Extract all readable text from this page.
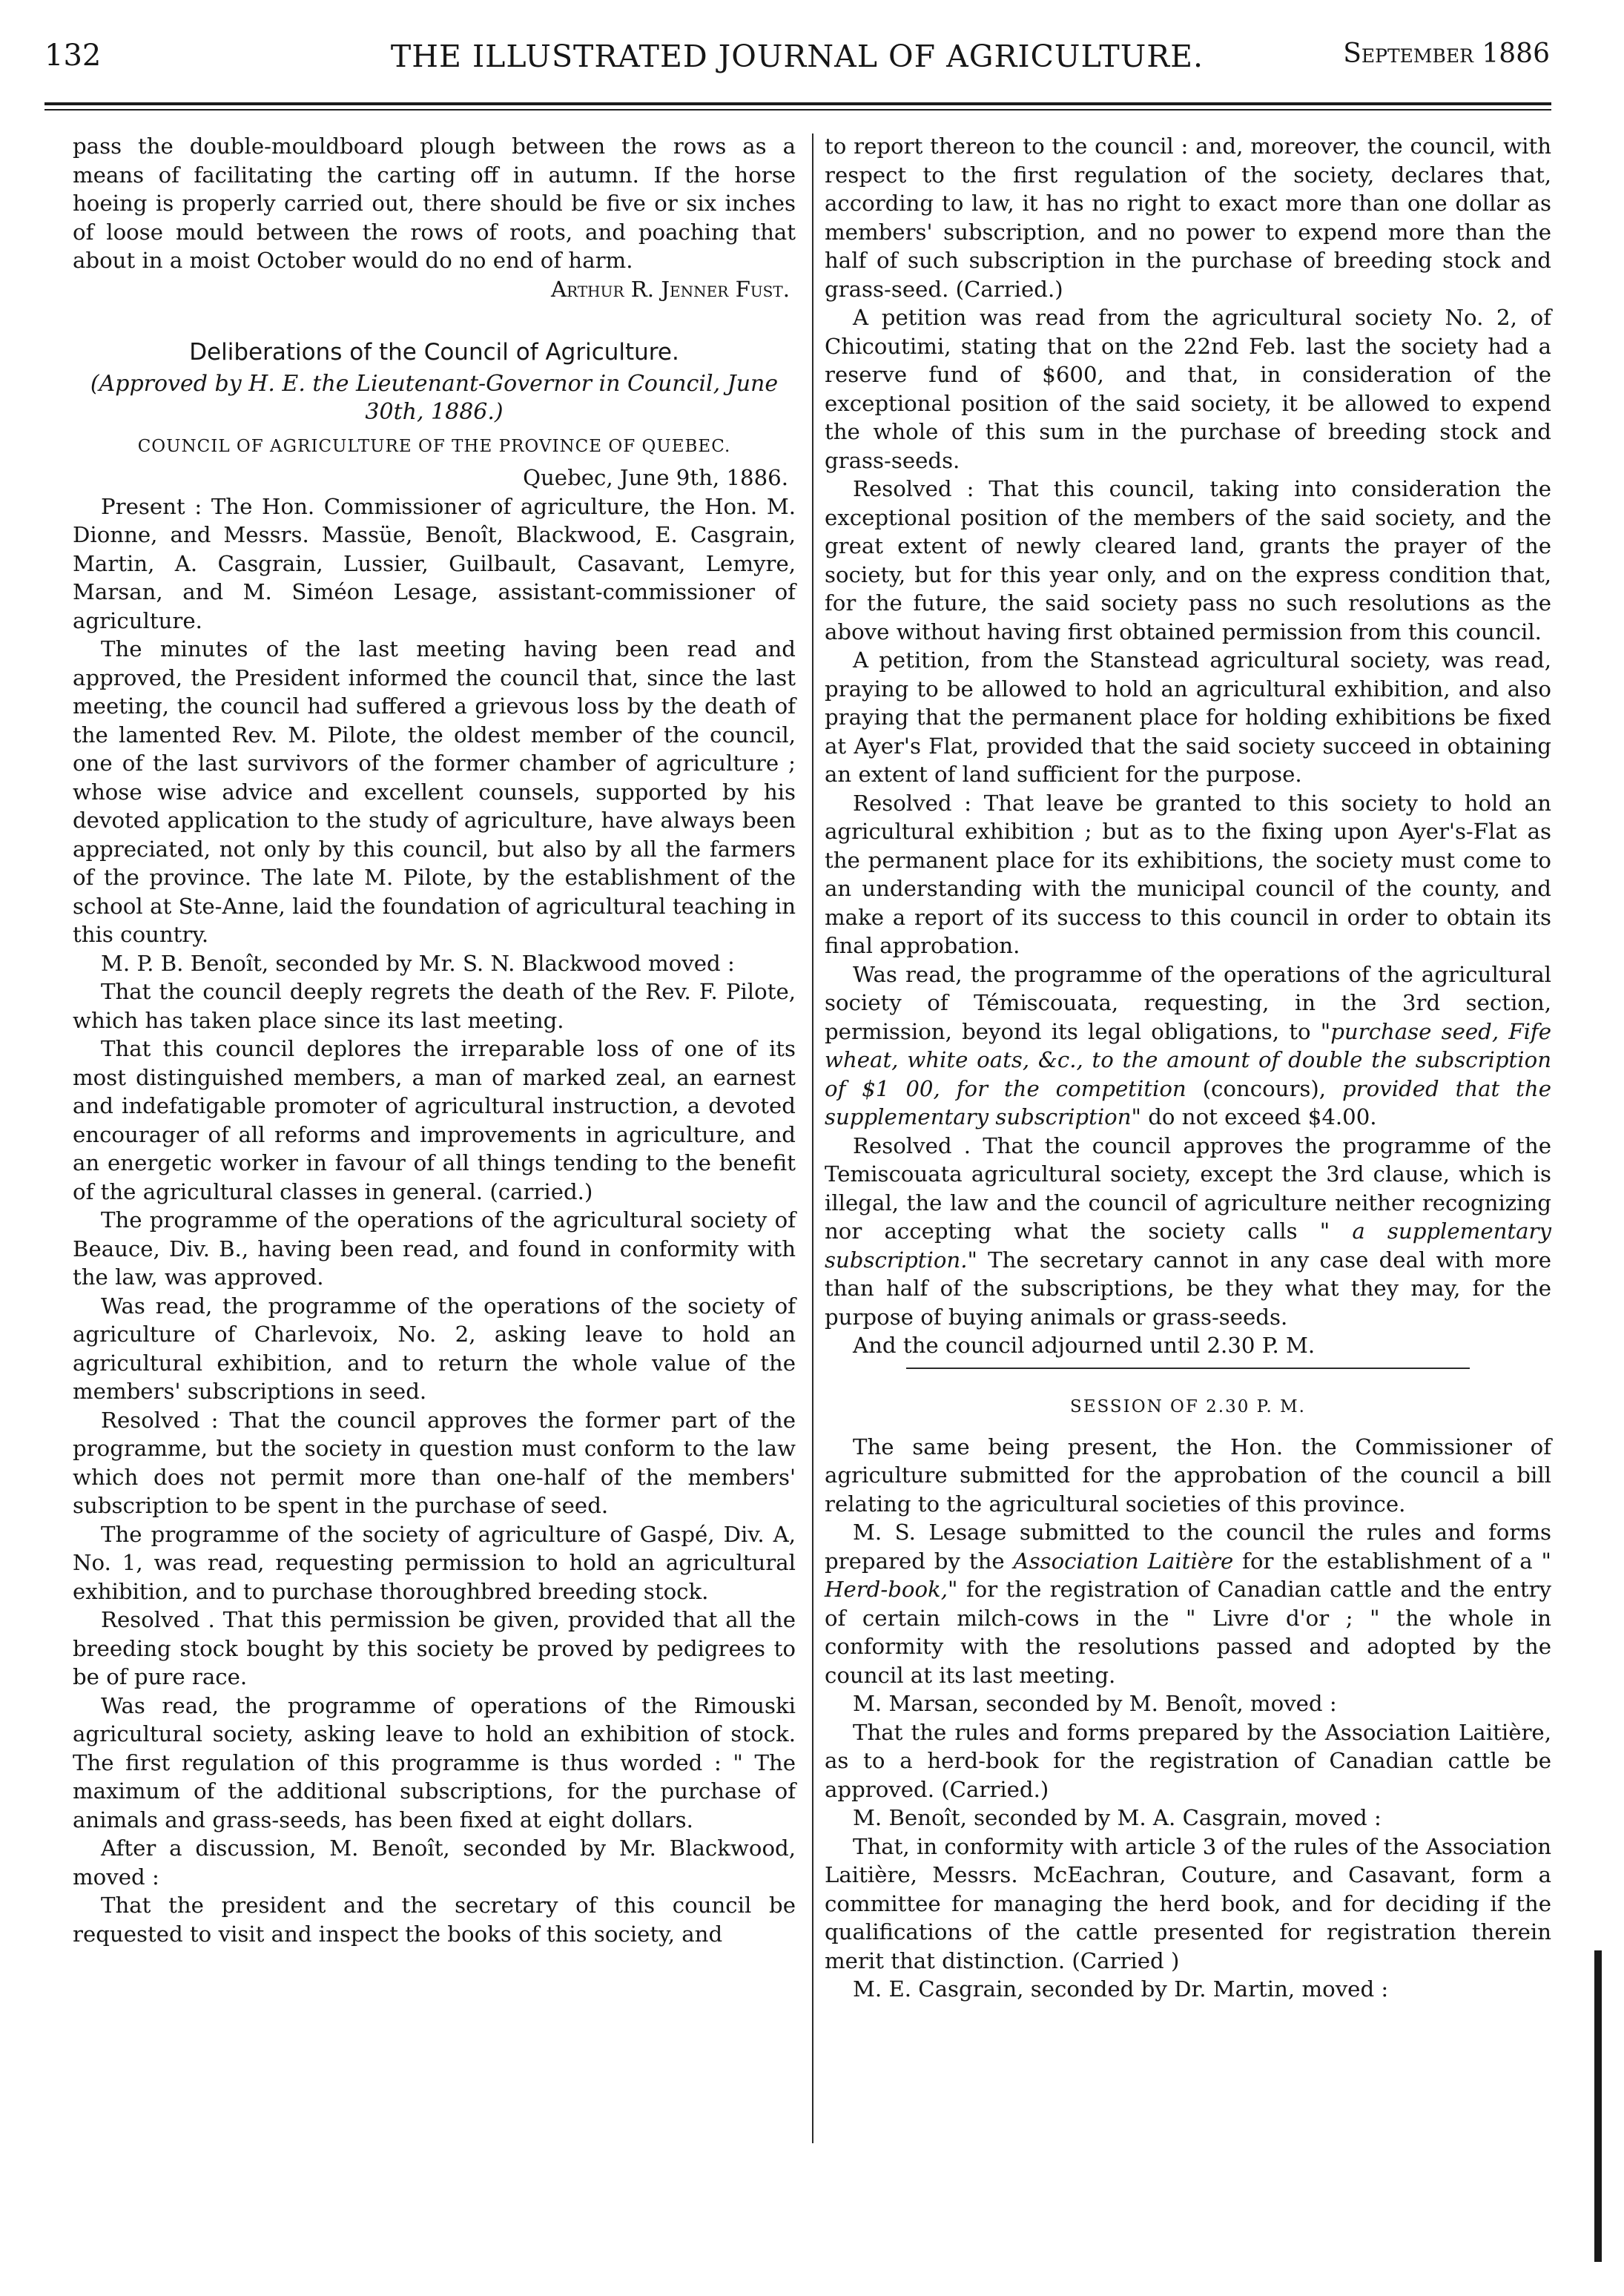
132	THE ILLUSTRATED JOURNAL OF AGRICULTURE.	September 1886

pass the double-mouldboard plough between the rows as a means of facilitating the carting off in autumn. If the horse hoeing is properly carried out, there should be five or six inches of loose mould between the rows of roots, and poaching that about in a moist October would do no end of harm.

Arthur R. Jenner Fust.

Deliberations of the Council of Agriculture.
(Approved by H. E. the Lieutenant-Governor in Council, June 30th, 1886.)
COUNCIL OF AGRICULTURE OF THE PROVINCE OF QUEBEC.

Quebec, June 9th, 1886.

Present : The Hon. Commissioner of agriculture, the Hon. M. Dionne, and Messrs. Massüe, Benoît, Blackwood, E. Casgrain, Martin, A. Casgrain, Lussier, Guilbault, Casavant, Lemyre, Marsan, and M. Siméon Lesage, assistant-commissioner of agriculture.

The minutes of the last meeting having been read and approved, the President informed the council that, since the last meeting, the council had suffered a grievous loss by the death of the lamented Rev. M. Pilote, the oldest member of the council, one of the last survivors of the former chamber of agriculture ; whose wise advice and excellent counsels, supported by his devoted application to the study of agriculture, have always been appreciated, not only by this council, but also by all the farmers of the province. The late M. Pilote, by the establishment of the school at Ste-Anne, laid the foundation of agricultural teaching in this country.

M. P. B. Benoît, seconded by Mr. S. N. Blackwood moved :

That the council deeply regrets the death of the Rev. F. Pilote, which has taken place since its last meeting.

That this council deplores the irreparable loss of one of its most distinguished members, a man of marked zeal, an earnest and indefatigable promoter of agricultural instruction, a devoted encourager of all reforms and improvements in agriculture, and an energetic worker in favour of all things tending to the benefit of the agricultural classes in general. (carried.)

The programme of the operations of the agricultural society of Beauce, Div. B., having been read, and found in conformity with the law, was approved.

Was read, the programme of the operations of the society of agriculture of Charlevoix, No. 2, asking leave to hold an agricultural exhibition, and to return the whole value of the members' subscriptions in seed.

Resolved : That the council approves the former part of the programme, but the society in question must conform to the law which does not permit more than one-half of the members' subscription to be spent in the purchase of seed.

The programme of the society of agriculture of Gaspé, Div. A, No. 1, was read, requesting permission to hold an agricultural exhibition, and to purchase thoroughbred breeding stock.

Resolved . That this permission be given, provided that all the breeding stock bought by this society be proved by pedigrees to be of pure race.

Was read, the programme of operations of the Rimouski agricultural society, asking leave to hold an exhibition of stock. The first regulation of this programme is thus worded : " The maximum of the additional subscriptions, for the purchase of animals and grass-seeds, has been fixed at eight dollars.

After a discussion, M. Benoît, seconded by Mr. Blackwood, moved :

That the president and the secretary of this council be requested to visit and inspect the books of this society, and

to report thereon to the council : and, moreover, the council, with respect to the first regulation of the society, declares that, according to law, it has no right to exact more than one dollar as members' subscription, and no power to expend more than the half of such subscription in the purchase of breeding stock and grass-seed. (Carried.)

A petition was read from the agricultural society No. 2, of Chicoutimi, stating that on the 22nd Feb. last the society had a reserve fund of $600, and that, in consideration of the exceptional position of the said society, it be allowed to expend the whole of this sum in the purchase of breeding stock and grass-seeds.

Resolved : That this council, taking into consideration the exceptional position of the members of the said society, and the great extent of newly cleared land, grants the prayer of the society, but for this year only, and on the express condition that, for the future, the said society pass no such resolutions as the above without having first obtained permission from this council.

A petition, from the Stanstead agricultural society, was read, praying to be allowed to hold an agricultural exhibition, and also praying that the permanent place for holding exhibitions be fixed at Ayer's Flat, provided that the said society succeed in obtaining an extent of land sufficient for the purpose.

Resolved : That leave be granted to this society to hold an agricultural exhibition ; but as to the fixing upon Ayer's-Flat as the permanent place for its exhibitions, the society must come to an understanding with the municipal council of the county, and make a report of its success to this council in order to obtain its final approbation.

Was read, the programme of the operations of the agricultural society of Témiscouata, requesting, in the 3rd section, permission, beyond its legal obligations, to "purchase seed, Fife wheat, white oats, &c., to the amount of double the subscription of $1 00, for the competition (concours), provided that the supplementary subscription" do not exceed $4.00.

Resolved . That the council approves the programme of the Temiscouata agricultural society, except the 3rd clause, which is illegal, the law and the council of agriculture neither recognizing nor accepting what the society calls " a supplementary subscription." The secretary cannot in any case deal with more than half of the subscriptions, be they what they may, for the purpose of buying animals or grass-seeds.

And the council adjourned until 2.30 P. M.

SESSION OF 2.30 P. M.

The same being present, the Hon. the Commissioner of agriculture submitted for the approbation of the council a bill relating to the agricultural societies of this province.

M. S. Lesage submitted to the council the rules and forms prepared by the Association Laitière for the establishment of a " Herd-book," for the registration of Canadian cattle and the entry of certain milch-cows in the " Livre d'or ; " the whole in conformity with the resolutions passed and adopted by the council at its last meeting.

M. Marsan, seconded by M. Benoît, moved :

That the rules and forms prepared by the Association Laitière, as to a herd-book for the registration of Canadian cattle be approved. (Carried.)

M. Benoît, seconded by M. A. Casgrain, moved :

That, in conformity with article 3 of the rules of the Association Laitière, Messrs. McEachran, Couture, and Casavant, form a committee for managing the herd book, and for deciding if the qualifications of the cattle presented for registration therein merit that distinction. (Carried )

M. E. Casgrain, seconded by Dr. Martin, moved :
